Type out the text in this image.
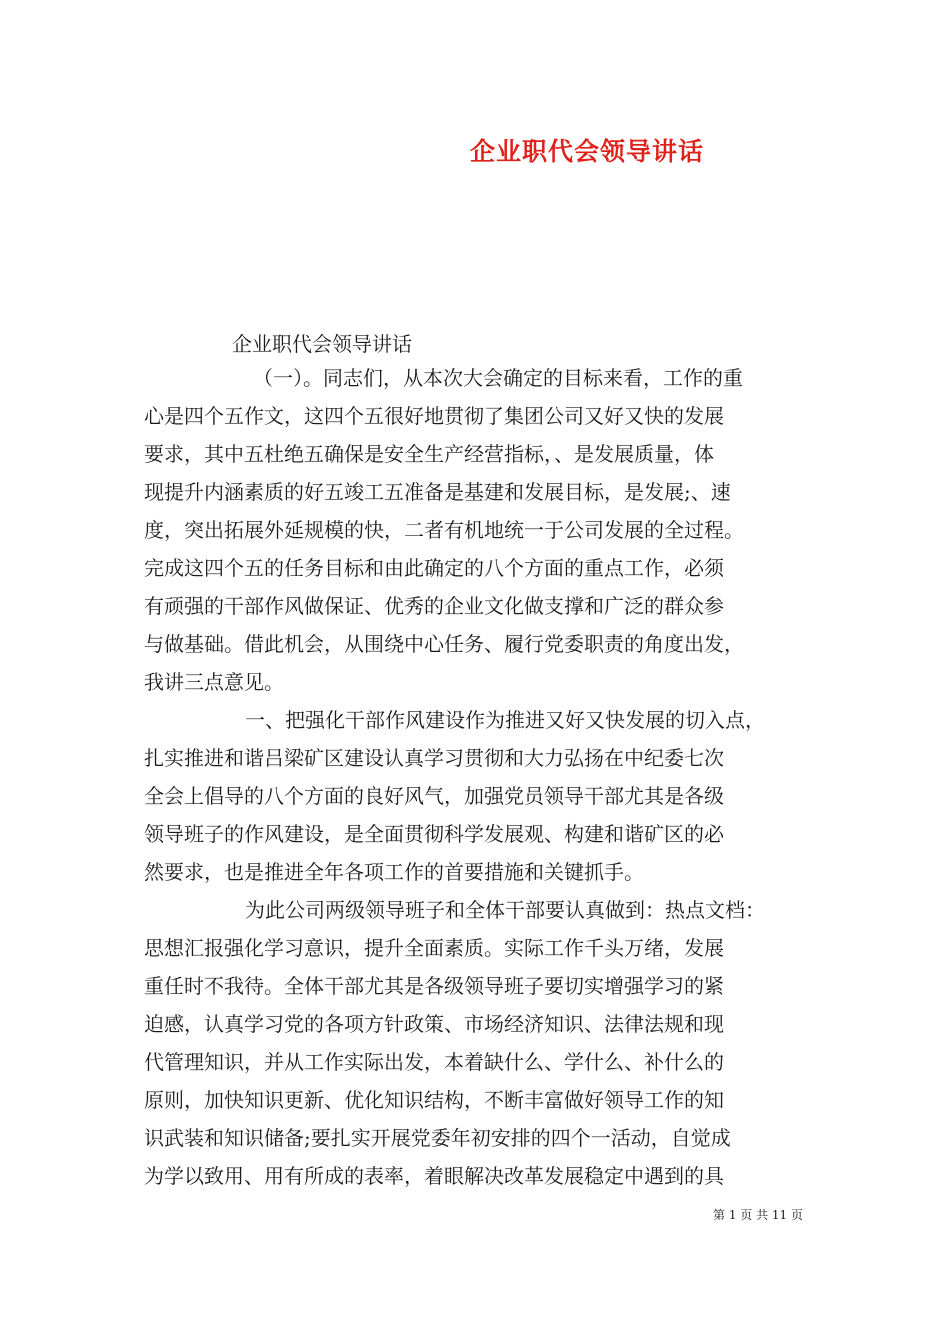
企业职代会领导讲话
企业职代会领导讲话
（一）。同志们，从本次大会确定的目标来看，工作的重
心是四个五作文，这四个五很好地贯彻了集团公司又好又快的发展
要求，其中五杜绝五确保是安全生产经营指标，、是发展质量，体
现提升内涵素质的好五竣工五准备是基建和发展目标，是发展;、速
度，突出拓展外延规模的快，二者有机地统一于公司发展的全过程。
完成这四个五的任务目标和由此确定的八个方面的重点工作，必须
有顽强的干部作风做保证、优秀的企业文化做支撑和广泛的群众参
与做基础。借此机会，从围绕中心任务、履行党委职责的角度出发，
我讲三点意见。
一、把强化干部作风建设作为推进又好又快发展的切入点，
扎实推进和谐吕梁矿区建设认真学习贯彻和大力弘扬在中纪委七次
全会上倡导的八个方面的良好风气，加强党员领导干部尤其是各级
领导班子的作风建设，是全面贯彻科学发展观、构建和谐矿区的必
然要求，也是推进全年各项工作的首要措施和关键抓手。
为此公司两级领导班子和全体干部要认真做到：热点文档：
思想汇报强化学习意识，提升全面素质。实际工作千头万绪，发展
重任时不我待。全体干部尤其是各级领导班子要切实增强学习的紧
迫感，认真学习党的各项方针政策、市场经济知识、法律法规和现
代管理知识，并从工作实际出发，本着缺什么、学什么、补什么的
原则，加快知识更新、优化知识结构，不断丰富做好领导工作的知
识武装和知识储备;要扎实开展党委年初安排的四个一活动，自觉成
为学以致用、用有所成的表率，着眼解决改革发展稳定中遇到的具
第 1 页 共 11 页
